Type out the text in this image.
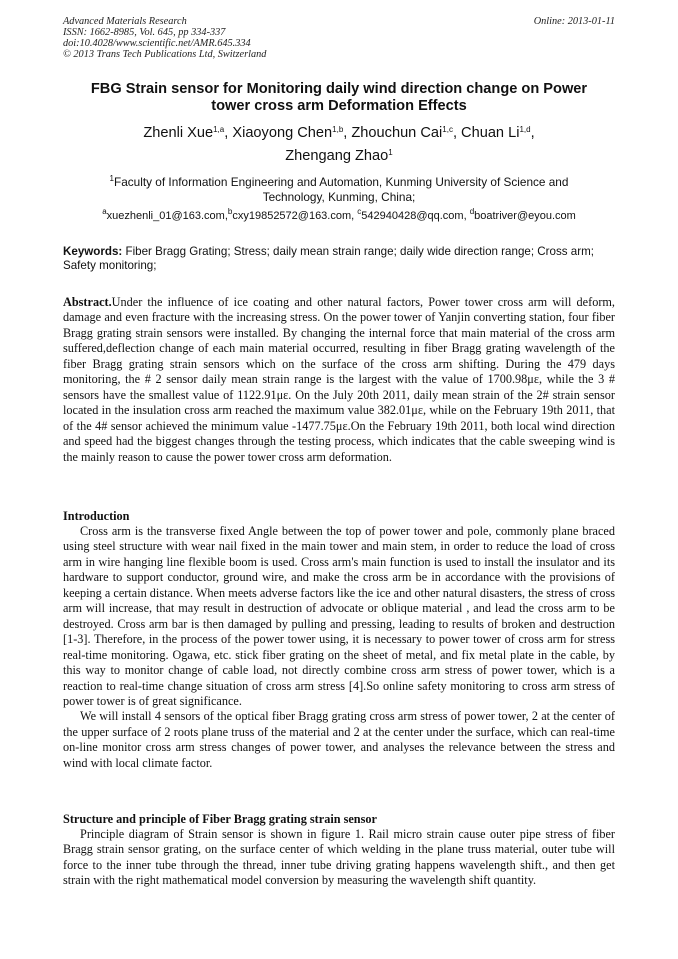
Advanced Materials Research
ISSN: 1662-8985, Vol. 645, pp 334-337
doi:10.4028/www.scientific.net/AMR.645.334
© 2013 Trans Tech Publications Ltd, Switzerland
Online: 2013-01-11
FBG Strain sensor for Monitoring daily wind direction change on Power
tower cross arm Deformation Effects
Zhenli Xue$^{1,a}$, Xiaoyong Chen$^{1,b}$, Zhouchun Cai$^{1,c}$, Chuan Li$^{1,d}$,
Zhengang Zhao$^1$
$^1$Faculty of Information Engineering and Automation, Kunming University of Science and
Technology, Kunming, China;
$^a$xuezhenli_01@163.com,$^b$cxy19852572@163.com, $^c$542940428@qq.com, $^d$boatriver@eyou.com
Keywords: Fiber Bragg Grating; Stress; daily mean strain range; daily wide direction range; Cross arm; Safety monitoring;

Abstract.Under the influence of ice coating and other natural factors, Power tower cross arm will deform, damage and even fracture with the increasing stress. On the power tower of Yanjin converting station, four fiber Bragg grating strain sensors were installed. By changing the internal force that main material of the cross arm suffered,deflection change of each main material occurred, resulting in fiber Bragg grating wavelength of the fiber Bragg grating strain sensors which on the surface of the cross arm shifting. During the 479 days monitoring, the # 2 sensor daily mean strain range is the largest with the value of 1700.98με, while the 3 # sensors have the smallest value of 1122.91με. On the July 20th 2011, daily mean strain of the 2# strain sensor located in the insulation cross arm reached the maximum value 382.01με, while on the February 19th 2011, that of the 4# sensor achieved the minimum value -1477.75με.On the February 19th 2011, both local wind direction and speed had the biggest changes through the testing process, which indicates that the cable sweeping wind is the mainly reason to cause the power tower cross arm deformation.

Introduction

Cross arm is the transverse fixed Angle between the top of power tower and pole, commonly plane braced using steel structure with wear nail fixed in the main tower and main stem, in order to reduce the load of cross arm in wire hanging line flexible boom is used. Cross arm's main function is used to install the insulator and its hardware to support conductor, ground wire, and make the cross arm be in accordance with the provisions of keeping a certain distance. When meets adverse factors like the ice and other natural disasters, the stress of cross arm will increase, that may result in destruction of advocate or oblique material , and lead the cross arm to be destroyed. Cross arm bar is then damaged by pulling and pressing, leading to results of broken and destruction [1-3]. Therefore, in the process of the power tower using, it is necessary to power tower of cross arm for stress real-time monitoring. Ogawa, etc. stick fiber grating on the sheet of metal, and fix metal plate in the cable, by this way to monitor change of cable load, not directly combine cross arm stress of power tower, which is a reaction to real-time change situation of cross arm stress [4].So online safety monitoring to cross arm stress of power tower is of great significance.

We will install 4 sensors of the optical fiber Bragg grating cross arm stress of power tower, 2 at the center of the upper surface of 2 roots plane truss of the material and 2 at the center under the surface, which can real-time on-line monitor cross arm stress changes of power tower, and analyses the relevance between the stress and wind with local climate factor.

Structure and principle of Fiber Bragg grating strain sensor

Principle diagram of Strain sensor is shown in figure 1. Rail micro strain cause outer pipe stress of fiber Bragg strain sensor grating, on the surface center of which welding in the plane truss material, outer tube will force to the inner tube through the thread, inner tube driving grating happens wavelength shift., and then get strain with the right mathematical model conversion by measuring the wavelength shift quantity.
